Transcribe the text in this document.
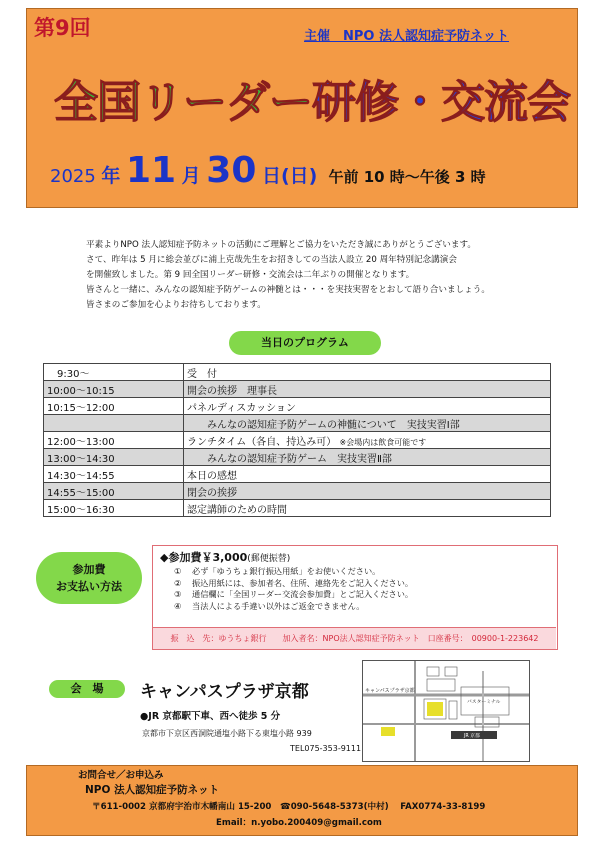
第9回	主催　NPO 法人認知症予防ネット
全国リーダー研修・交流会
2025 年 11 月 30 日(日) 午前 10 時～午後 3 時
平素よりNPO 法人認知症予防ネットの活動にご理解とご協力をいただき誠にありがとうございます。
さて、昨年は 5 月に総会並びに浦上克哉先生をお招きしての当法人設立 20 周年特別記念講演会
を開催致しました。第 9 回全国リーダー研修・交流会は二年ぶりの開催となります。
皆さんと一緒に、みんなの認知症予防ゲームの神髄とは・・・を実技実習をとおして語り合いましょう。
皆さまのご参加を心よりお待ちしております。
当日のプログラム
　9:30～	受　付
10:00～10:15	開会の挨拶　理事長
10:15～12:00	パネルディスカッション
	　　みんなの認知症予防ゲームの神髄について　実技実習Ⅰ部
12:00～13:00	ランチタイム（各自、持込み可） ※会場内は飲食可能です
13:00～14:30	　　みんなの認知症予防ゲーム　実技実習Ⅱ部
14:30～14:55	本日の感想
14:55～15:00	閉会の挨拶
15:00～16:30	認定講師のための時間
参加費
お支払い方法
◆参加費￥3,000(郵便振替)
① 必ず「ゆうちょ銀行振込用紙」をお使いください。
② 振込用紙には、参加者名、住所、連絡先をご記入ください。
③ 通信欄に「全国リーダー交流会参加費」とご記入ください。
④ 当法人による手違い以外はご返金できません。
振　込　先：ゆうちょ銀行　　加入者名：NPO法人認知症予防ネット　口座番号：　00900-1-223642
会　場	キャンパスプラザ京都
●JR 京都駅下車、西へ徒歩 5 分
京都市下京区西洞院通塩小路下る東塩小路 939
TEL075-353-9111
キャンパスプラザ京都
バスターミナル
JR 京都
お問合せ／お申込み
NPO 法人認知症予防ネット
〒611-0002 京都府宇治市木幡南山 15-200　☎090-5648-5373(中村)　 FAX0774-33-8199
Email：n.yobo.200409@gmail.com
